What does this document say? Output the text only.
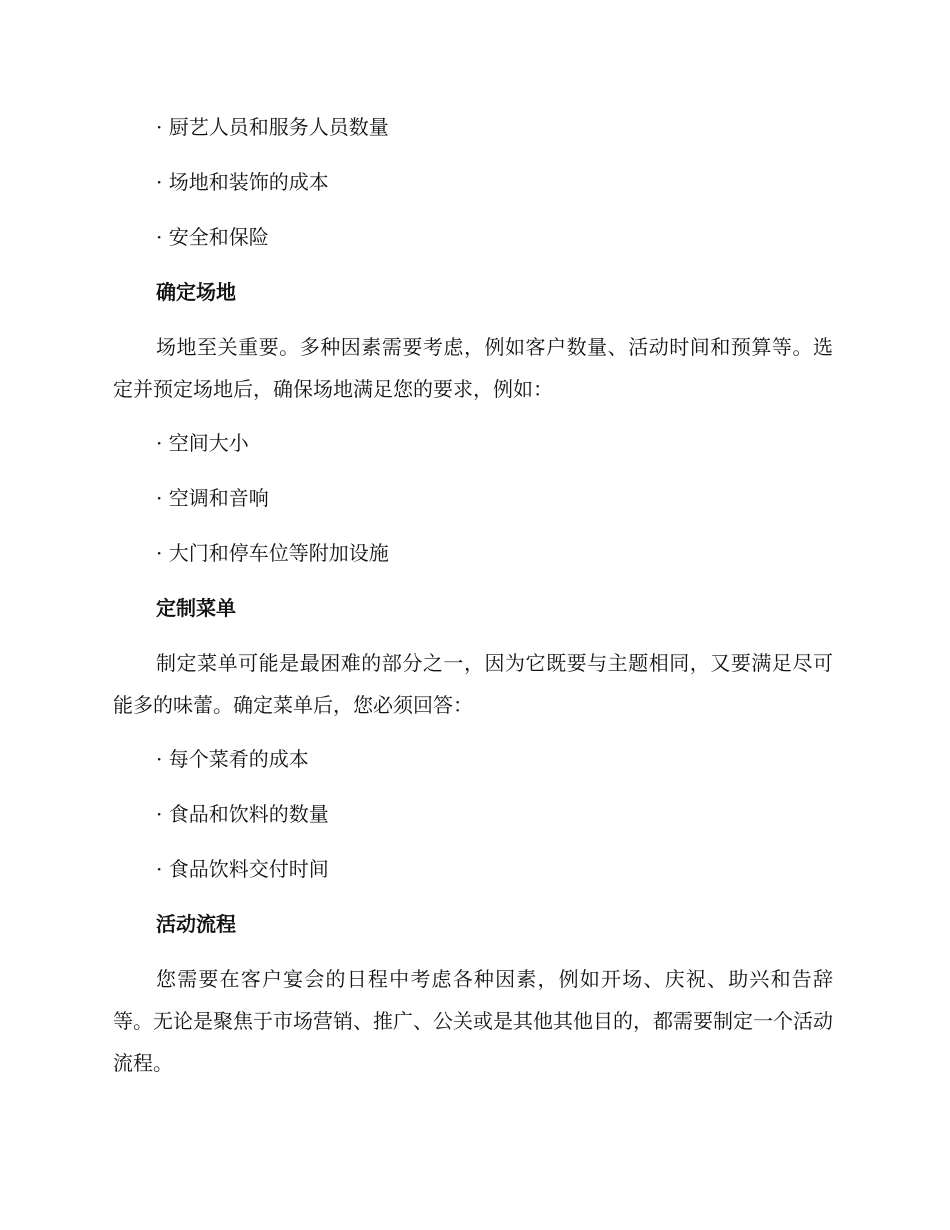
· 厨艺人员和服务人员数量
· 场地和装饰的成本
· 安全和保险
确定场地
场地至关重要。多种因素需要考虑，例如客户数量、活动时间和预算等。选定并预定场地后，确保场地满足您的要求，例如：
· 空间大小
· 空调和音响
· 大门和停车位等附加设施
定制菜单
制定菜单可能是最困难的部分之一，因为它既要与主题相同，又要满足尽可能多的味蕾。确定菜单后，您必须回答：
· 每个菜肴的成本
· 食品和饮料的数量
· 食品饮料交付时间
活动流程
您需要在客户宴会的日程中考虑各种因素，例如开场、庆祝、助兴和告辞等。无论是聚焦于市场营销、推广、公关或是其他其他目的，都需要制定一个活动流程。
